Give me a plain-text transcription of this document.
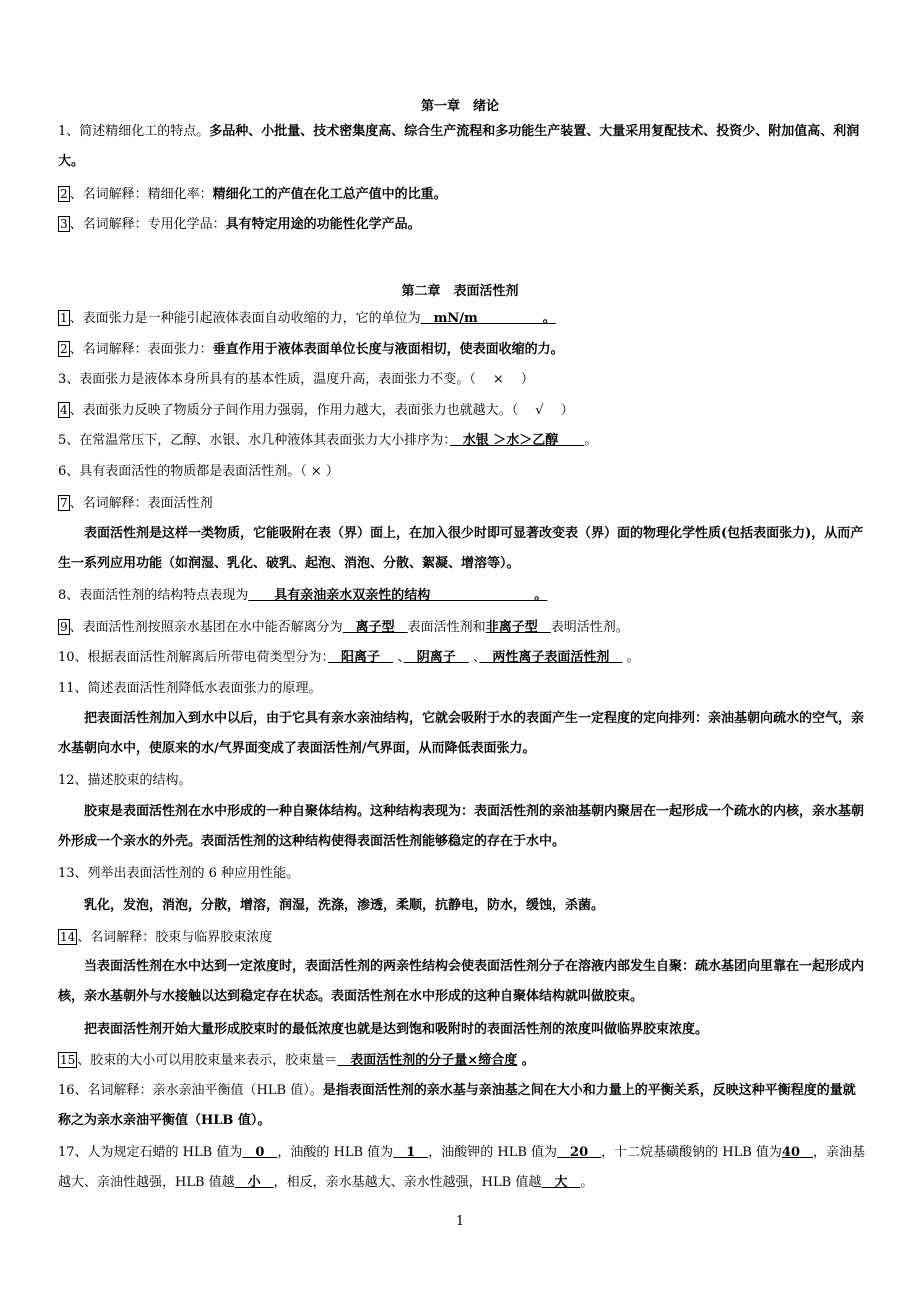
第一章　绪论
1、简述精细化工的特点。多品种、小批量、技术密集度高、综合生产流程和多功能生产装置、大量采用复配技术、投资少、附加值高、利润大。
2 、名词解释：精细化率：精细化工的产值在化工总产值中的比重。
3 、名词解释：专用化学品：具有特定用途的功能性化学产品。
第二章　表面活性剂
1 、表面张力是一种能引起液体表面自动收缩的力，它的单位为　mN/m　　　　　。
2 、名词解释：表面张力：垂直作用于液体表面单位长度与液面相切，使表面收缩的力。
3、表面张力是液体本身所具有的基本性质，温度升高，表面张力不变。（　 ×　 ）
4 、表面张力反映了物质分子间作用力强弱，作用力越大，表面张力也就越大。（　 √　 ）
5、在常温常压下，乙醇、水银、水几种液体其表面张力大小排序为：　水银 ＞水＞乙醇　　。
6、具有表面活性的物质都是表面活性剂。（ × ）
7 、名词解释：表面活性剂
表面活性剂是这样一类物质，它能吸附在表（界）面上，在加入很少时即可显著改变表（界）面的物理化学性质(包括表面张力)，从而产生一系列应用功能（如润湿、乳化、破乳、起泡、消泡、分散、絮凝、增溶等）。
8、表面活性剂的结构特点表现为　　具有亲油亲水双亲性的结构　　　　　　　　。
9 、表面活性剂按照亲水基团在水中能否解离分为　离子型　表面活性剂和非离子型　表明活性剂。
10、根据表面活性剂解离后所带电荷类型分为：　阳离子　 、　阴离子　 、　两性离子表面活性剂　 。
11、简述表面活性剂降低水表面张力的原理。
把表面活性剂加入到水中以后，由于它具有亲水亲油结构，它就会吸附于水的表面产生一定程度的定向排列：亲油基朝向疏水的空气，亲水基朝向水中，使原来的水/气界面变成了表面活性剂/气界面，从而降低表面张力。
12、描述胶束的结构。
胶束是表面活性剂在水中形成的一种自聚体结构。这种结构表现为：表面活性剂的亲油基朝内聚居在一起形成一个疏水的内核，亲水基朝外形成一个亲水的外壳。表面活性剂的这种结构使得表面活性剂能够稳定的存在于水中。
13、列举出表面活性剂的 6 种应用性能。
乳化，发泡，消泡，分散，增溶，润湿，洗涤，渗透，柔顺，抗静电，防水，缓蚀，杀菌。
14 、名词解释：胶束与临界胶束浓度
当表面活性剂在水中达到一定浓度时，表面活性剂的两亲性结构会使表面活性剂分子在溶液内部发生自聚：疏水基团向里靠在一起形成内核，亲水基朝外与水接触以达到稳定存在状态。表面活性剂在水中形成的这种自聚体结构就叫做胶束。
把表面活性剂开始大量形成胶束时的最低浓度也就是达到饱和吸附时的表面活性剂的浓度叫做临界胶束浓度。
15 、胶束的大小可以用胶束量来表示，胶束量＝　表面活性剂的分子量×缔合度 。
16、名词解释：亲水亲油平衡值（HLB 值）。是指表面活性剂的亲水基与亲油基之间在大小和力量上的平衡关系，反映这种平衡程度的量就称之为亲水亲油平衡值（HLB 值）。
17、人为规定石蜡的 HLB 值为　0　，油酸的 HLB 值为　1　，油酸钾的 HLB 值为　20　，十二烷基磺酸钠的 HLB 值为40　，亲油基越大、亲油性越强，HLB 值越　小　，相反，亲水基越大、亲水性越强，HLB 值越　大　。
1
